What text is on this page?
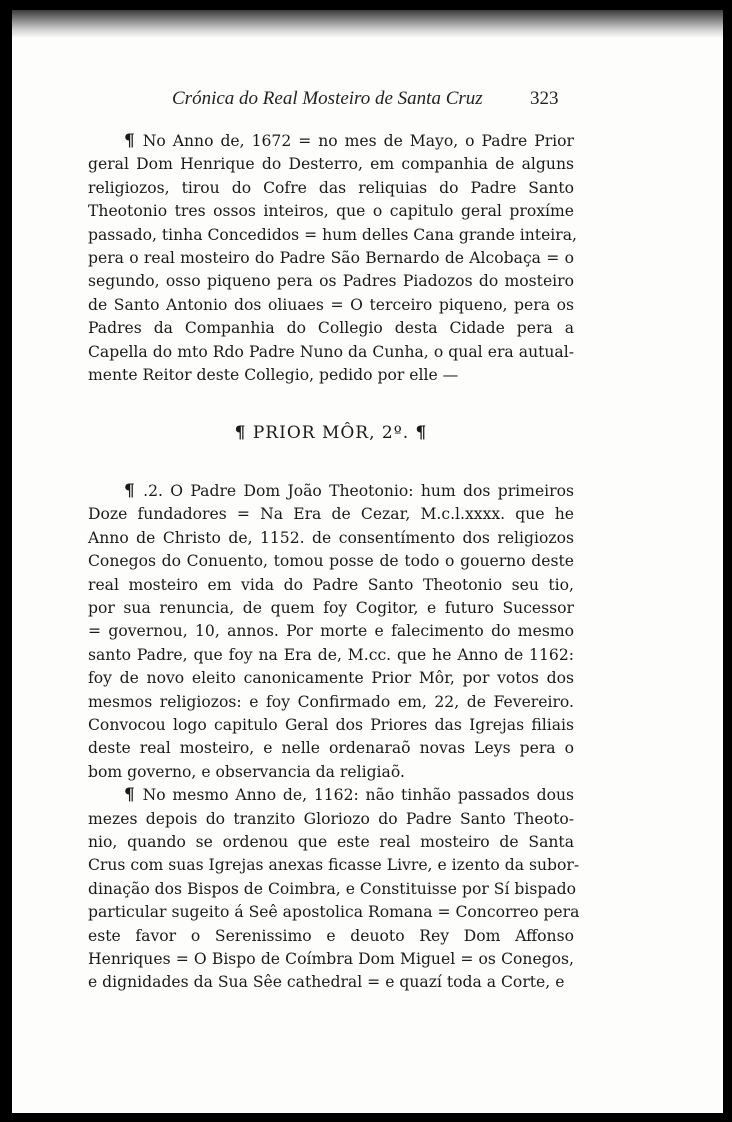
Crónica do Real Mosteiro de Santa Cruz	323
¶ No Anno de, 1672 = no mes de Mayo, o Padre Prior
geral Dom Henrique do Desterro, em companhia de alguns
religiozos, tirou do Cofre das reliquias do Padre Santo
Theotonio tres ossos inteiros, que o capitulo geral proxíme
passado, tinha Concedidos = hum delles Cana grande inteira,
pera o real mosteiro do Padre São Bernardo de Alcobaça = o
segundo, osso piqueno pera os Padres Piadozos do mosteiro
de Santo Antonio dos oliuaes = O terceiro piqueno, pera os
Padres da Companhia do Collegio desta Cidade pera a
Capella do mto Rdo Padre Nuno da Cunha, o qual era autual-
mente Reitor deste Collegio, pedido por elle —
¶ PRIOR MÔR, 2º. ¶
¶ .2. O Padre Dom João Theotonio: hum dos primeiros
Doze fundadores = Na Era de Cezar, M.c.l.xxxx. que he
Anno de Christo de, 1152. de consentímento dos religiozos
Conegos do Conuento, tomou posse de todo o gouerno deste
real mosteiro em vida do Padre Santo Theotonio seu tio,
por sua renuncia, de quem foy Cogitor, e futuro Sucessor
= governou, 10, annos. Por morte e falecimento do mesmo
santo Padre, que foy na Era de, M.cc. que he Anno de 1162:
foy de novo eleito canonicamente Prior Môr, por votos dos
mesmos religiozos: e foy Confirmado em, 22, de Fevereiro.
Convocou logo capitulo Geral dos Priores das Igrejas filiais
deste real mosteiro, e nelle ordenaraõ novas Leys pera o
bom governo, e observancia da religiaõ.
¶ No mesmo Anno de, 1162: não tinhão passados dous
mezes depois do tranzito Gloriozo do Padre Santo Theoto-
nio, quando se ordenou que este real mosteiro de Santa
Crus com suas Igrejas anexas ficasse Livre, e izento da subor-
dinação dos Bispos de Coimbra, e Constituisse por Sí bispado
particular sugeito á Seê apostolica Romana = Concorreo pera
este favor o Serenissimo e deuoto Rey Dom Affonso
Henriques = O Bispo de Coímbra Dom Miguel = os Conegos,
e dignidades da Sua Sêe cathedral = e quazí toda a Corte, e
